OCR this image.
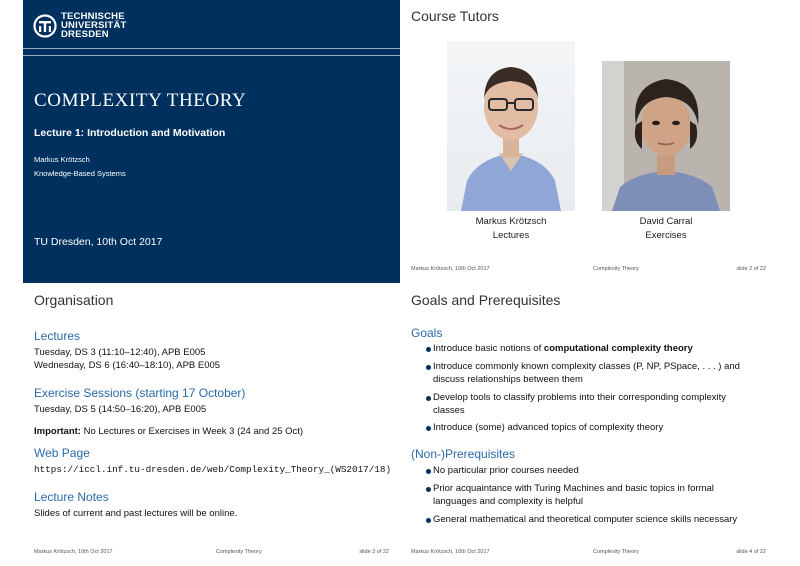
TECHNISCHE
UNIVERSITÄT
DRESDEN
COMPLEXITY THEORY
Lecture 1: Introduction and Motivation
Markus Krötzsch
Knowledge-Based Systems
TU Dresden, 10th Oct 2017
Course Tutors
Markus Krötzsch
Lectures
David Carral
Exercises
Markus Krötzsch, 10th Oct 2017	Complexity Theory	slide 2 of 22
Organisation
Lectures
Tuesday, DS 3 (11:10–12:40), APB E005
Wednesday, DS 6 (16:40–18:10), APB E005
Exercise Sessions (starting 17 October)
Tuesday, DS 5 (14:50–16:20), APB E005
Important: No Lectures or Exercises in Week 3 (24 and 25 Oct)
Web Page
https://iccl.inf.tu-dresden.de/web/Complexity_Theory_(WS2017/18)
Lecture Notes
Slides of current and past lectures will be online.
Markus Krötzsch, 10th Oct 2017	Complexity Theory	slide 3 of 22
Goals and Prerequisites
Goals
Introduce basic notions of computational complexity theory
Introduce commonly known complexity classes (P, NP, PSpace, . . . ) and discuss relationships between them
Develop tools to classify problems into their corresponding complexity classes
Introduce (some) advanced topics of complexity theory
(Non-)Prerequisites
No particular prior courses needed
Prior acquaintance with Turing Machines and basic topics in formal languages and complexity is helpful
General mathematical and theoretical computer science skills necessary
Markus Krötzsch, 10th Oct 2017	Complexity Theory	slide 4 of 22
